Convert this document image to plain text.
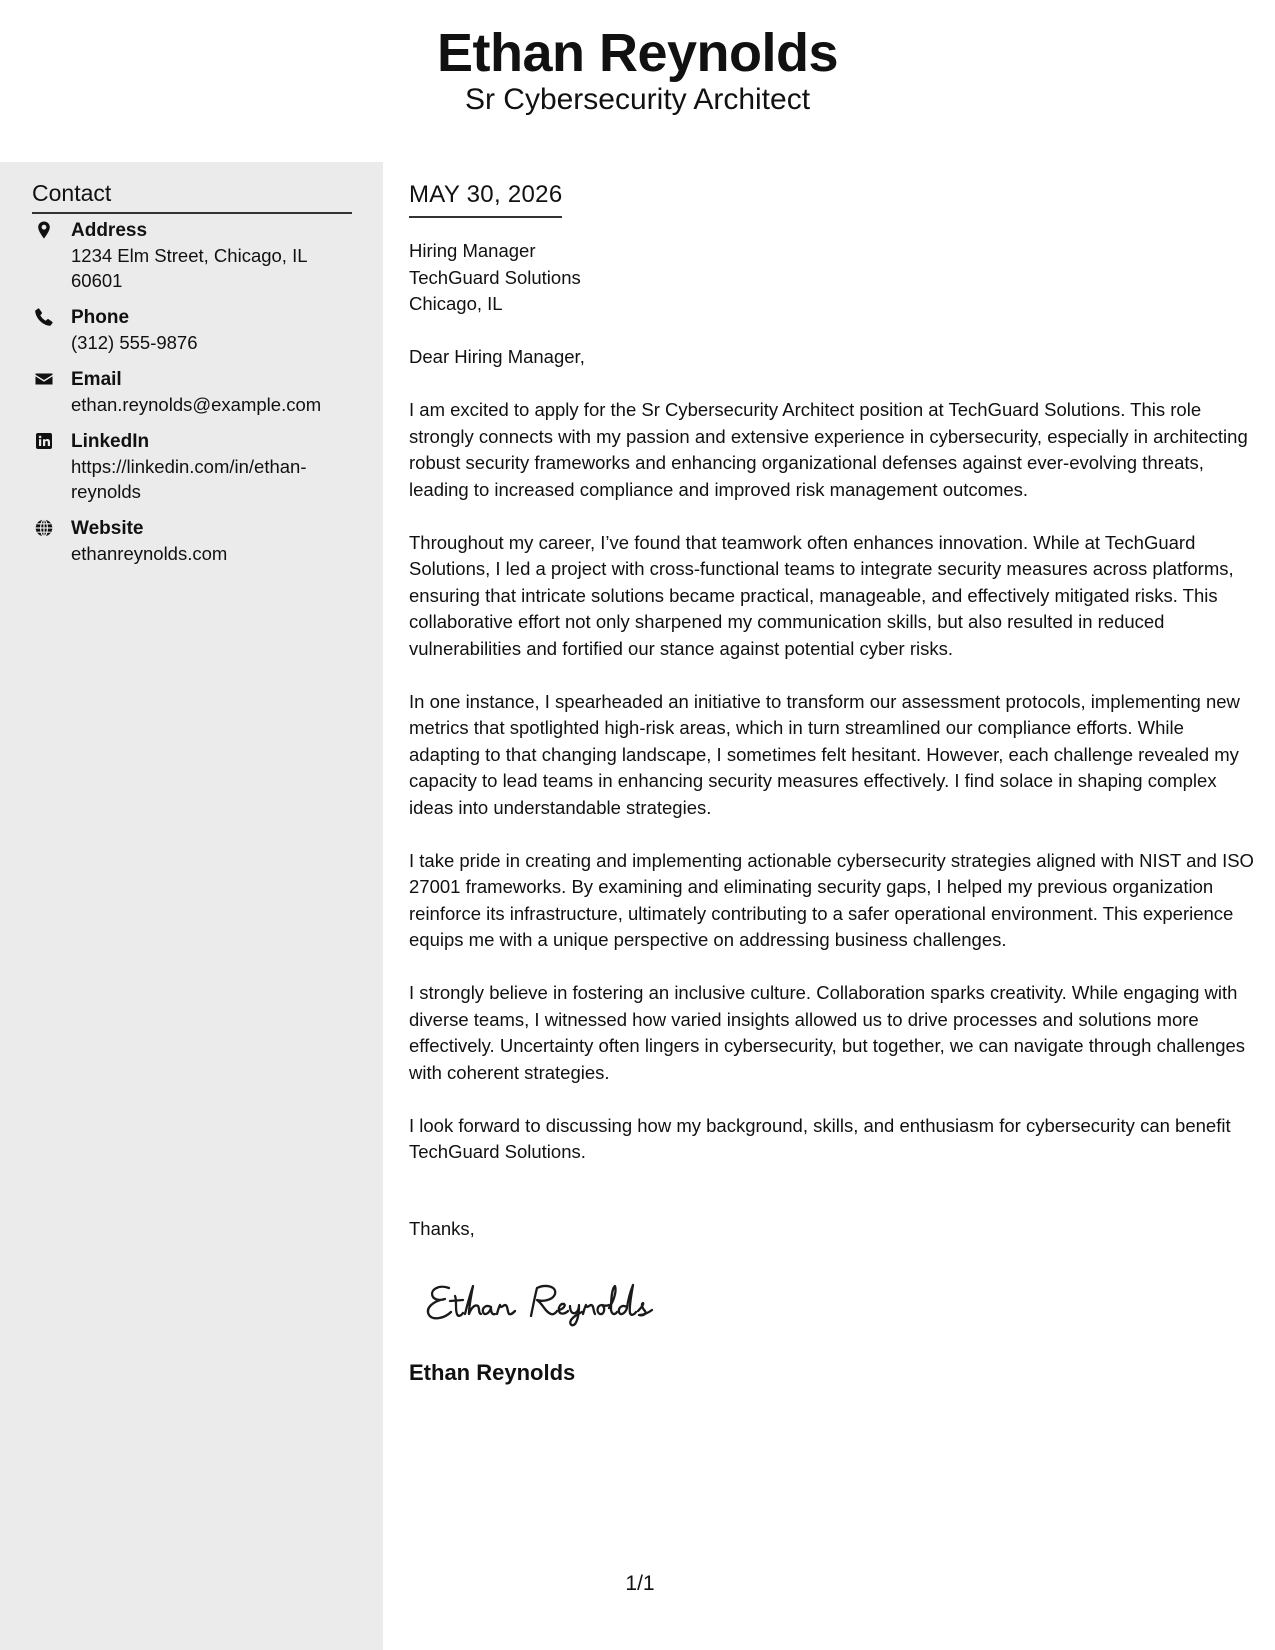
Ethan Reynolds
Sr Cybersecurity Architect
Contact
Address
1234 Elm Street, Chicago, IL 60601
Phone
(312) 555-9876
Email
ethan.reynolds@example.com
LinkedIn
https://linkedin.com/in/ethan-reynolds
Website
ethanreynolds.com
MAY 30, 2026
Hiring Manager
TechGuard Solutions
Chicago, IL

Dear Hiring Manager,

I am excited to apply for the Sr Cybersecurity Architect position at TechGuard Solutions. This role strongly connects with my passion and extensive experience in cybersecurity, especially in architecting robust security frameworks and enhancing organizational defenses against ever-evolving threats, leading to increased compliance and improved risk management outcomes.

Throughout my career, I’ve found that teamwork often enhances innovation. While at TechGuard Solutions, I led a project with cross-functional teams to integrate security measures across platforms, ensuring that intricate solutions became practical, manageable, and effectively mitigated risks. This collaborative effort not only sharpened my communication skills, but also resulted in reduced vulnerabilities and fortified our stance against potential cyber risks.

In one instance, I spearheaded an initiative to transform our assessment protocols, implementing new metrics that spotlighted high-risk areas, which in turn streamlined our compliance efforts. While adapting to that changing landscape, I sometimes felt hesitant. However, each challenge revealed my capacity to lead teams in enhancing security measures effectively. I find solace in shaping complex ideas into understandable strategies.

I take pride in creating and implementing actionable cybersecurity strategies aligned with NIST and ISO 27001 frameworks. By examining and eliminating security gaps, I helped my previous organization reinforce its infrastructure, ultimately contributing to a safer operational environment. This experience equips me with a unique perspective on addressing business challenges.

I strongly believe in fostering an inclusive culture. Collaboration sparks creativity. While engaging with diverse teams, I witnessed how varied insights allowed us to drive processes and solutions more effectively. Uncertainty often lingers in cybersecurity, but together, we can navigate through challenges with coherent strategies.

I look forward to discussing how my background, skills, and enthusiasm for cybersecurity can benefit TechGuard Solutions.

Thanks,
Ethan Reynolds
1/1
